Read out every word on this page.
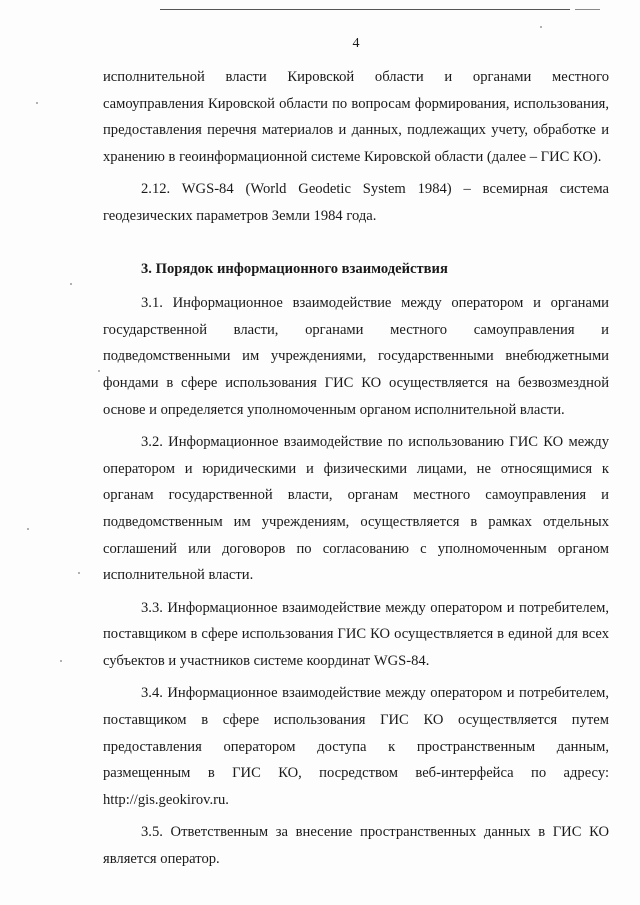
4

исполнительной власти Кировской области и органами местного самоуправления Кировской области по вопросам формирования, использования, предоставления перечня материалов и данных, подлежащих учету, обработке и хранению в геоинформационной системе Кировской области (далее – ГИС КО).

2.12. WGS-84 (World Geodetic System 1984) – всемирная система геодезических параметров Земли 1984 года.

3. Порядок информационного взаимодействия

3.1. Информационное взаимодействие между оператором и органами государственной власти, органами местного самоуправления и подведомственными им учреждениями, государственными внебюджетными фондами в сфере использования ГИС КО осуществляется на безвозмездной основе и определяется уполномоченным органом исполнительной власти.

3.2. Информационное взаимодействие по использованию ГИС КО между оператором и юридическими и физическими лицами, не относящимися к органам государственной власти, органам местного самоуправления и подведомственным им учреждениям, осуществляется в рамках отдельных соглашений или договоров по согласованию с уполномоченным органом исполнительной власти.

3.3. Информационное взаимодействие между оператором и потребителем, поставщиком в сфере использования ГИС КО осуществляется в единой для всех субъектов и участников системе координат WGS-84.

3.4. Информационное взаимодействие между оператором и потребителем, поставщиком в сфере использования ГИС КО осуществляется путем предоставления оператором доступа к пространственным данным, размещенным в ГИС КО, посредством веб-интерфейса по адресу: http://gis.geokirov.ru.

3.5. Ответственным за внесение пространственных данных в ГИС КО является оператор.
